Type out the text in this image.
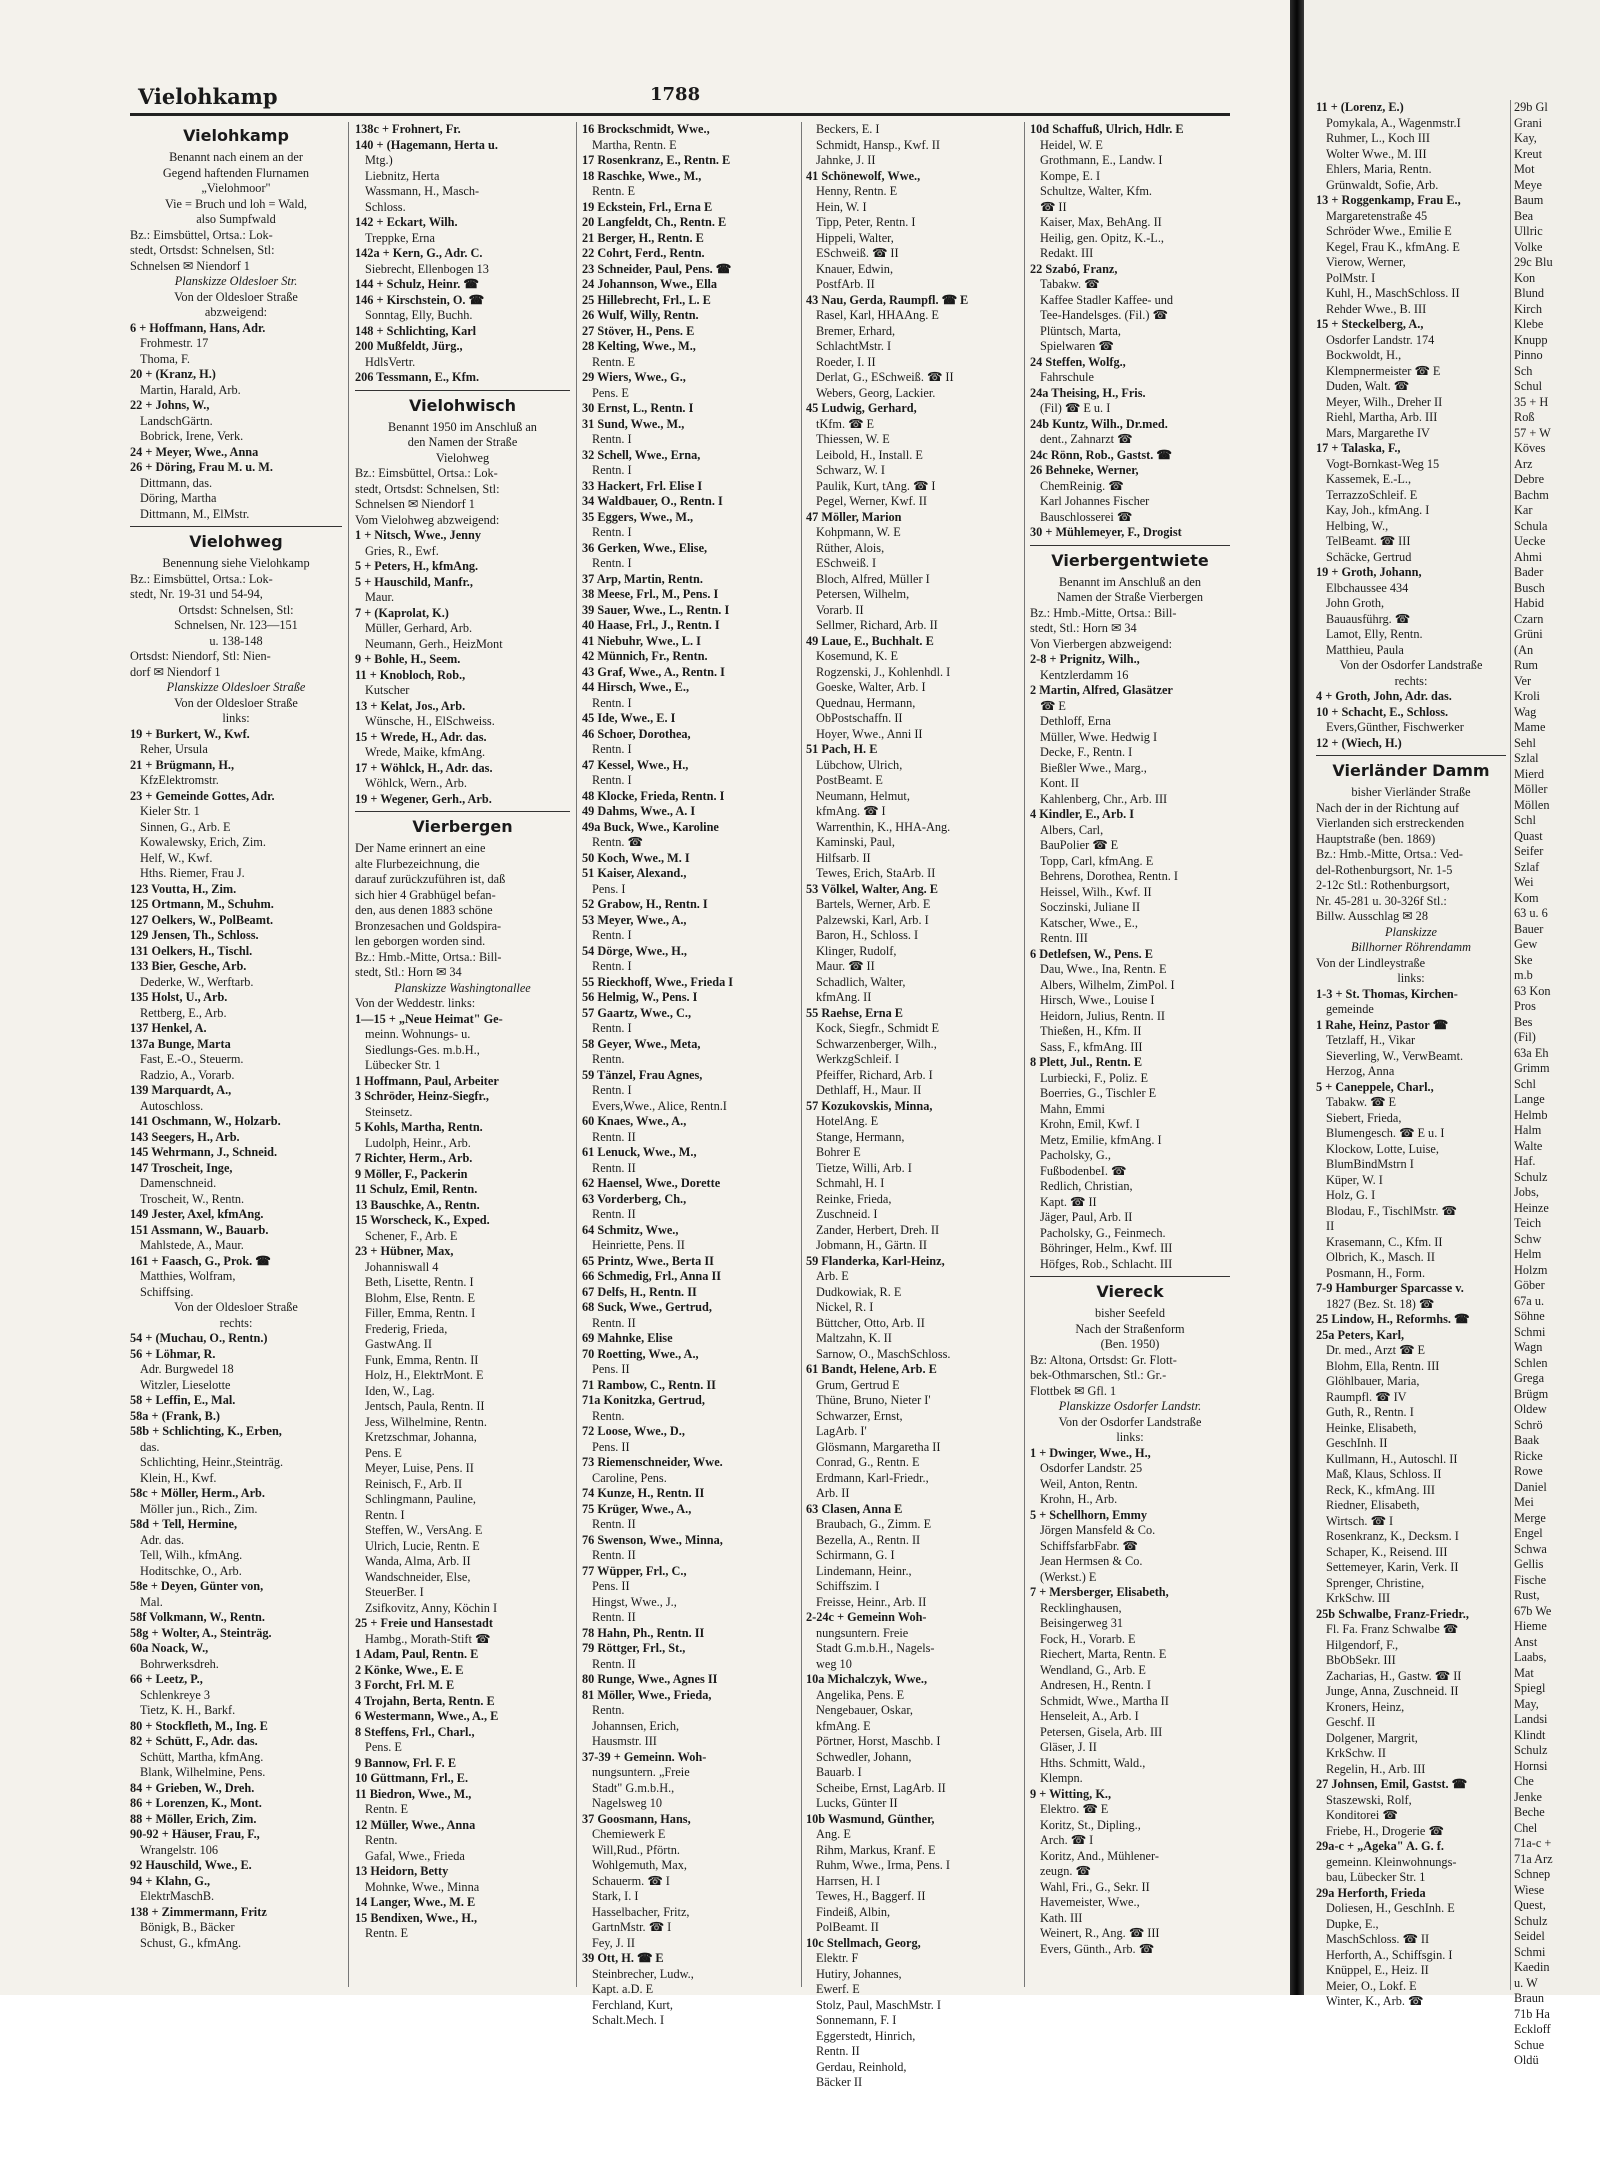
Vielohkamp	1788
Vielohkamp
Benannt nach einem an der
Gegend haftenden Flurnamen
„Vielohmoor"
Vie = Bruch und loh = Wald,
also Sumpfwald
Bz.: Eimsbüttel, Ortsa.: Lok-
stedt, Ortsdst: Schnelsen, Stl:
Schnelsen ✉ Niendorf 1
Planskizze Oldesloer Str.
Von der Oldesloer Straße
abzweigend:
6 + Hoffmann, Hans, Adr.
Frohmestr. 17
Thoma, F.
20 + (Kranz, H.)
Martin, Harald, Arb.
22 + Johns, W.,
LandschGärtn.
Bobrick, Irene, Verk.
24 + Meyer, Wwe., Anna
26 + Döring, Frau M. u. M.
Dittmann, das.
Döring, Martha
Dittmann, M., ElMstr.
Vielohweg
Benennung siehe Vielohkamp
Bz.: Eimsbüttel, Ortsa.: Lok-
stedt, Nr. 19-31 und 54-94,
Ortsdst: Schnelsen, Stl:
Schnelsen, Nr. 123—151
u. 138-148
Ortsdst: Niendorf, Stl: Nien-
dorf ✉ Niendorf 1
Planskizze Oldesloer Straße
Von der Oldesloer Straße
links:
19 + Burkert, W., Kwf.
Reher, Ursula
21 + Brügmann, H.,
KfzElektromstr.
23 + Gemeinde Gottes, Adr.
Kieler Str. 1
Sinnen, G., Arb. E
Kowalewsky, Erich, Zim.
Helf, W., Kwf.
Hths. Riemer, Frau J.
123 Voutta, H., Zim.
125 Ortmann, M., Schuhm.
127 Oelkers, W., PolBeamt.
129 Jensen, Th., Schloss.
131 Oelkers, H., Tischl.
133 Bier, Gesche, Arb.
Dederke, W., Werftarb.
135 Holst, U., Arb.
Rettberg, E., Arb.
137 Henkel, A.
137a Bunge, Marta
Fast, E.-O., Steuerm.
Radzio, A., Vorarb.
139 Marquardt, A.,
Autoschloss.
141 Oschmann, W., Holzarb.
143 Seegers, H., Arb.
145 Wehrmann, J., Schneid.
147 Troscheit, Inge,
Damenschneid.
Troscheit, W., Rentn.
149 Jester, Axel, kfmAng.
151 Assmann, W., Bauarb.
Mahlstede, A., Maur.
161 + Faasch, G., Prok. ☎
Matthies, Wolfram,
Schiffsing.
Von der Oldesloer Straße
rechts:
54 + (Muchau, O., Rentn.)
56 + Löhmar, R.
Adr. Burgwedel 18
Witzler, Lieselotte
58 + Leffin, E., Mal.
58a + (Frank, B.)
58b + Schlichting, K., Erben,
das.
Schlichting, Heinr.,Steinträg.
Klein, H., Kwf.
58c + Möller, Herm., Arb.
Möller jun., Rich., Zim.
58d + Tell, Hermine,
Adr. das.
Tell, Wilh., kfmAng.
Hoditschke, O., Arb.
58e + Deyen, Günter von,
Mal.
58f Volkmann, W., Rentn.
58g + Wolter, A., Steinträg.
60a Noack, W.,
Bohrwerksdreh.
66 + Leetz, P.,
Schlenkreye 3
Tietz, K. H., Barkf.
80 + Stockfleth, M., Ing. E
82 + Schütt, F., Adr. das.
Schütt, Martha, kfmAng.
Blank, Wilhelmine, Pens.
84 + Grieben, W., Dreh.
86 + Lorenzen, K., Mont.
88 + Möller, Erich, Zim.
90-92 + Häuser, Frau, F.,
Wrangelstr. 106
92 Hauschild, Wwe., E.
94 + Klahn, G.,
ElektrMaschB.
138 + Zimmermann, Fritz
Bönigk, B., Bäcker
Schust, G., kfmAng.
138c + Frohnert, Fr.
140 + (Hagemann, Herta u.
Mtg.)
Liebnitz, Herta
Wassmann, H., Masch-
Schloss.
142 + Eckart, Wilh.
Treppke, Erna
142a + Kern, G., Adr. C.
Siebrecht, Ellenbogen 13
144 + Schulz, Heinr. ☎
146 + Kirschstein, O. ☎
Sonntag, Elly, Buchh.
148 + Schlichting, Karl
200 Mußfeldt, Jürg.,
HdlsVertr.
206 Tessmann, E., Kfm.
Vielohwisch
Benannt 1950 im Anschluß an
den Namen der Straße
Vielohweg
Bz.: Eimsbüttel, Ortsa.: Lok-
stedt, Ortsdst: Schnelsen, Stl:
Schnelsen ✉ Niendorf 1
Vom Vielohweg abzweigend:
1 + Nitsch, Wwe., Jenny
Gries, R., Ewf.
5 + Peters, H., kfmAng.
5 + Hauschild, Manfr.,
Maur.
7 + (Kaprolat, K.)
Müller, Gerhard, Arb.
Neumann, Gerh., HeizMont
9 + Bohle, H., Seem.
11 + Knobloch, Rob.,
Kutscher
13 + Kelat, Jos., Arb.
Wünsche, H., ElSchweiss.
15 + Wrede, H., Adr. das.
Wrede, Maike, kfmAng.
17 + Wöhlck, H., Adr. das.
Wöhlck, Wern., Arb.
19 + Wegener, Gerh., Arb.
Vierbergen
Der Name erinnert an eine
alte Flurbezeichnung, die
darauf zurückzuführen ist, daß
sich hier 4 Grabhügel befan-
den, aus denen 1883 schöne
Bronzesachen und Goldspira-
len geborgen worden sind.
Bz.: Hmb.-Mitte, Ortsa.: Bill-
stedt, Stl.: Horn ✉ 34
Planskizze Washingtonallee
Von der Weddestr. links:
1—15 + „Neue Heimat" Ge-
meinn. Wohnungs- u.
Siedlungs-Ges. m.b.H.,
Lübecker Str. 1
1 Hoffmann, Paul, Arbeiter
3 Schröder, Heinz-Siegfr.,
Steinsetz.
5 Kohls, Martha, Rentn.
Ludolph, Heinr., Arb.
7 Richter, Herm., Arb.
9 Möller, F., Packerin
11 Schulz, Emil, Rentn.
13 Bauschke, A., Rentn.
15 Worscheck, K., Exped.
Schener, F., Arb. E
23 + Hübner, Max,
Johanniswall 4
Beth, Lisette, Rentn. I
Blohm, Else, Rentn. E
Filler, Emma, Rentn. I
Frederig, Frieda,
GastwAng. II
Funk, Emma, Rentn. II
Holz, H., ElektrMont. E
Iden, W., Lag.
Jentsch, Paula, Rentn. II
Jess, Wilhelmine, Rentn.
Kretzschmar, Johanna,
Pens. E
Meyer, Luise, Pens. II
Reinisch, F., Arb. II
Schlingmann, Pauline,
Rentn. I
Steffen, W., VersAng. E
Ulrich, Lucie, Rentn. E
Wanda, Alma, Arb. II
Wandschneider, Else,
SteuerBer. I
Zsifkovitz, Anny, Köchin I
25 + Freie und Hansestadt
Hambg., Morath-Stift ☎
1 Adam, Paul, Rentn. E
2 Könke, Wwe., E. E
3 Forcht, Frl. M. E
4 Trojahn, Berta, Rentn. E
6 Westermann, Wwe., A., E
8 Steffens, Frl., Charl.,
Pens. E
9 Bannow, Frl. F. E
10 Güttmann, Frl., E.
11 Biedron, Wwe., M.,
Rentn. E
12 Müller, Wwe., Anna
Rentn.
Gafal, Wwe., Frieda
13 Heidorn, Betty
Mohnke, Wwe., Minna
14 Langer, Wwe., M. E
15 Bendixen, Wwe., H.,
Rentn. E
16 Brockschmidt, Wwe.,
Martha, Rentn. E
17 Rosenkranz, E., Rentn. E
18 Raschke, Wwe., M.,
Rentn. E
19 Eckstein, Frl., Erna E
20 Langfeldt, Ch., Rentn. E
21 Berger, H., Rentn. E
22 Cohrt, Ferd., Rentn.
23 Schneider, Paul, Pens. ☎
24 Johannson, Wwe., Ella
25 Hillebrecht, Frl., L. E
26 Wulf, Willy, Rentn.
27 Stöver, H., Pens. E
28 Kelting, Wwe., M.,
Rentn. E
29 Wiers, Wwe., G.,
Pens. E
30 Ernst, L., Rentn. I
31 Sund, Wwe., M.,
Rentn. I
32 Schell, Wwe., Erna,
Rentn. I
33 Hackert, Frl. Elise I
34 Waldbauer, O., Rentn. I
35 Eggers, Wwe., M.,
Rentn. I
36 Gerken, Wwe., Elise,
Rentn. I
37 Arp, Martin, Rentn.
38 Meese, Frl., M., Pens. I
39 Sauer, Wwe., L., Rentn. I
40 Haase, Frl., J., Rentn. I
41 Niebuhr, Wwe., L. I
42 Münnich, Fr., Rentn.
43 Graf, Wwe., A., Rentn. I
44 Hirsch, Wwe., E.,
Rentn. I
45 Ide, Wwe., E. I
46 Schoer, Dorothea,
Rentn. I
47 Kessel, Wwe., H.,
Rentn. I
48 Klocke, Frieda, Rentn. I
49 Dahms, Wwe., A. I
49a Buck, Wwe., Karoline
Rentn. ☎
50 Koch, Wwe., M. I
51 Kaiser, Alexand.,
Pens. I
52 Grabow, H., Rentn. I
53 Meyer, Wwe., A.,
Rentn. I
54 Dörge, Wwe., H.,
Rentn. I
55 Rieckhoff, Wwe., Frieda I
56 Helmig, W., Pens. I
57 Gaartz, Wwe., C.,
Rentn. I
58 Geyer, Wwe., Meta,
Rentn.
59 Tänzel, Frau Agnes,
Rentn. I
Evers,Wwe., Alice, Rentn.I
60 Knaes, Wwe., A.,
Rentn. II
61 Lenuck, Wwe., M.,
Rentn. II
62 Haensel, Wwe., Dorette
63 Vorderberg, Ch.,
Rentn. II
64 Schmitz, Wwe.,
Heinriette, Pens. II
65 Printz, Wwe., Berta II
66 Schmedig, Frl., Anna II
67 Delfs, H., Rentn. II
68 Suck, Wwe., Gertrud,
Rentn. II
69 Mahnke, Elise
70 Roetting, Wwe., A.,
Pens. II
71 Rambow, C., Rentn. II
71a Konitzka, Gertrud,
Rentn.
72 Loose, Wwe., D.,
Pens. II
73 Riemenschneider, Wwe.
Caroline, Pens.
74 Kunze, H., Rentn. II
75 Krüger, Wwe., A.,
Rentn. II
76 Swenson, Wwe., Minna,
Rentn. II
77 Wüpper, Frl., C.,
Pens. II
Hingst, Wwe., J.,
Rentn. II
78 Hahn, Ph., Rentn. II
79 Röttger, Frl., St.,
Rentn. II
80 Runge, Wwe., Agnes II
81 Möller, Wwe., Frieda,
Rentn.
Johannsen, Erich,
Hausmstr. III
37-39 + Gemeinn. Woh-
nungsuntern. „Freie
Stadt" G.m.b.H.,
Nagelsweg 10
37 Goosmann, Hans,
Chemiewerk E
Will,Rud., Pförtn.
Wohlgemuth, Max,
Schauerm. ☎ I
Stark, I. I
Hasselbacher, Fritz,
GartnMstr. ☎ I
Fey, J. II
39 Ott, H. ☎ E
Steinbrecher, Ludw.,
Kapt. a.D. E
Ferchland, Kurt,
Schalt.Mech. I
Beckers, E. I
Schmidt, Hansp., Kwf. II
Jahnke, J. II
41 Schönewolf, Wwe.,
Henny, Rentn. E
Hein, W. I
Tipp, Peter, Rentn. I
Hippeli, Walter,
ESchweiß. ☎ II
Knauer, Edwin,
PostfArb. II
43 Nau, Gerda, Raumpfl. ☎ E
Rasel, Karl, HHAAng. E
Bremer, Erhard,
SchlachtMstr. I
Roeder, I. II
Derlat, G., ESchweiß. ☎ II
Webers, Georg, Lackier.
45 Ludwig, Gerhard,
tKfm. ☎ E
Thiessen, W. E
Leibold, H., Install. E
Schwarz, W. I
Paulik, Kurt, tAng. ☎ I
Pegel, Werner, Kwf. II
47 Möller, Marion
Kohpmann, W. E
Rüther, Alois,
ESchweiß. I
Bloch, Alfred, Müller I
Petersen, Wilhelm,
Vorarb. II
Sellmer, Richard, Arb. II
49 Laue, E., Buchhalt. E
Kosemund, K. E
Rogzenski, J., Kohlenhdl. I
Goeske, Walter, Arb. I
Quednau, Hermann,
ObPostschaffn. II
Hoyer, Wwe., Anni II
51 Pach, H. E
Lübchow, Ulrich,
PostBeamt. E
Neumann, Helmut,
kfmAng. ☎ I
Warrenthin, K., HHA-Ang.
Kaminski, Paul,
Hilfsarb. II
Tewes, Erich, StaArb. II
53 Völkel, Walter, Ang. E
Bartels, Werner, Arb. E
Palzewski, Karl, Arb. I
Baron, H., Schloss. I
Klinger, Rudolf,
Maur. ☎ II
Schadlich, Walter,
kfmAng. II
55 Raehse, Erna E
Kock, Siegfr., Schmidt E
Schwarzenberger, Wilh.,
WerkzgSchleif. I
Pfeiffer, Richard, Arb. I
Dethlaff, H., Maur. II
57 Kozukovskis, Minna,
HotelAng. E
Stange, Hermann,
Bohrer E
Tietze, Willi, Arb. I
Schmahl, H. I
Reinke, Frieda,
Zuschneid. I
Zander, Herbert, Dreh. II
Jobmann, H., Gärtn. II
59 Flanderka, Karl-Heinz,
Arb. E
Dudkowiak, R. E
Nickel, R. I
Büttcher, Otto, Arb. II
Maltzahn, K. II
Sarnow, O., MaschSchloss.
61 Bandt, Helene, Arb. E
Grum, Gertrud E
Thüne, Bruno, Nieter I'
Schwarzer, Ernst,
LagArb. I'
Glösmann, Margaretha II
Conrad, G., Rentn. E
Erdmann, Karl-Friedr.,
Arb. II
63 Clasen, Anna E
Braubach, G., Zimm. E
Bezella, A., Rentn. II
Schirmann, G. I
Lindemann, Heinr.,
Schiffszim. I
Freisse, Heinr., Arb. II
2-24c + Gemeinn Woh-
nungsuntern. Freie
Stadt G.m.b.H., Nagels-
weg 10
10a Michalczyk, Wwe.,
Angelika, Pens. E
Nengebauer, Oskar,
kfmAng. E
Pörtner, Horst, Maschb. I
Schwedler, Johann,
Bauarb. I
Scheibe, Ernst, LagArb. II
Lucks, Günter II
10b Wasmund, Günther,
Ang. E
Rihm, Markus, Kranf. E
Ruhm, Wwe., Irma, Pens. I
Harrsen, H. I
Tewes, H., Baggerf. II
Findeiß, Albin,
PolBeamt. II
10c Stellmach, Georg,
Elektr. F
Hutiry, Johannes,
Ewerf. E
Stolz, Paul, MaschMstr. I
Sonnemann, F. I
Eggerstedt, Hinrich,
Rentn. II
Gerdau, Reinhold,
Bäcker II
10d Schaffuß, Ulrich, Hdlr. E
Heidel, W. E
Grothmann, E., Landw. I
Kompe, E. I
Schultze, Walter, Kfm.
☎ II
Kaiser, Max, BehAng. II
Heilig, gen. Opitz, K.-L.,
Redakt. III
22 Szabó, Franz,
Tabakw. ☎
Kaffee Stadler Kaffee- und
Tee-Handelsges. (Fil.) ☎
Plüntsch, Marta,
Spielwaren ☎
24 Steffen, Wolfg.,
Fahrschule
24a Theising, H., Fris.
(Fil) ☎ E u. I
24b Kuntz, Wilh., Dr.med.
dent., Zahnarzt ☎
24c Rönn, Rob., Gastst. ☎
26 Behneke, Werner,
ChemReinig. ☎
Karl Johannes Fischer
Bauschlosserei ☎
30 + Mühlemeyer, F., Drogist
Vierbergentwiete
Benannt im Anschluß an den
Namen der Straße Vierbergen
Bz.: Hmb.-Mitte, Ortsa.: Bill-
stedt, Stl.: Horn ✉ 34
Von Vierbergen abzweigend:
2-8 + Prignitz, Wilh.,
Kentzlerdamm 16
2 Martin, Alfred, Glasätzer
☎ E
Dethloff, Erna
Müller, Wwe. Hedwig I
Decke, F., Rentn. I
Bießler Wwe., Marg.,
Kont. II
Kahlenberg, Chr., Arb. III
4 Kindler, E., Arb. I
Albers, Carl,
BauPolier ☎ E
Topp, Carl, kfmAng. E
Behrens, Dorothea, Rentn. I
Heissel, Wilh., Kwf. II
Soczinski, Juliane II
Katscher, Wwe., E.,
Rentn. III
6 Detlefsen, W., Pens. E
Dau, Wwe., Ina, Rentn. E
Albers, Wilhelm, ZimPol. I
Hirsch, Wwe., Louise I
Heidorn, Julius, Rentn. II
Thießen, H., Kfm. II
Sass, F., kfmAng. III
8 Plett, Jul., Rentn. E
Lurbiecki, F., Poliz. E
Boerries, G., Tischler E
Mahn, Emmi
Krohn, Emil, Kwf. I
Metz, Emilie, kfmAng. I
Pacholsky, G.,
FußbodenbeI. ☎
Redlich, Christian,
Kapt. ☎ II
Jäger, Paul, Arb. II
Pacholsky, G., Feinmech.
Böhringer, Helm., Kwf. III
Höfges, Rob., Schlacht. III
Viereck
bisher Seefeld
Nach der Straßenform
(Ben. 1950)
Bz: Altona, Ortsdst: Gr. Flott-
bek-Othmarschen, Stl.: Gr.-
Flottbek ✉ Gfl. 1
Planskizze Osdorfer Landstr.
Von der Osdorfer Landstraße
links:
1 + Dwinger, Wwe., H.,
Osdorfer Landstr. 25
Weil, Anton, Rentn.
Krohn, H., Arb.
5 + Schellhorn, Emmy
Jörgen Mansfeld & Co.
SchiffsfarbFabr. ☎
Jean Hermsen & Co.
(Werkst.) E
7 + Mersberger, Elisabeth,
Recklinghausen,
Beisingerweg 31
Fock, H., Vorarb. E
Riechert, Marta, Rentn. E
Wendland, G., Arb. E
Andresen, H., Rentn. I
Schmidt, Wwe., Martha II
Henseleit, A., Arb. I
Petersen, Gisela, Arb. III
Gläser, J. II
Hths. Schmitt, Wald.,
Klempn.
9 + Witting, K.,
Elektro. ☎ E
Koritz, St., Dipling.,
Arch. ☎ I
Koritz, And., Mühlener-
zeugn. ☎
Wahl, Fri., G., Sekr. II
Havemeister, Wwe.,
Kath. III
Weinert, R., Ang. ☎ III
Evers, Günth., Arb. ☎
11 + (Lorenz, E.)
Pomykala, A., Wagenmstr.I
Ruhmer, L., Koch III
Wolter Wwe., M. III
Ehlers, Maria, Rentn.
Grünwaldt, Sofie, Arb.
13 + Roggenkamp, Frau E.,
Margaretenstraße 45
Schröder Wwe., Emilie E
Kegel, Frau K., kfmAng. E
Vierow, Werner,
PolMstr. I
Kuhl, H., MaschSchloss. II
Rehder Wwe., B. III
15 + Steckelberg, A.,
Osdorfer Landstr. 174
Bockwoldt, H.,
Klempnermeister ☎ E
Duden, Walt. ☎
Meyer, Wilh., Dreher II
Riehl, Martha, Arb. III
Mars, Margarethe IV
17 + Talaska, F.,
Vogt-Bornkast-Weg 15
Kassemek, E.-L.,
TerrazzoSchleif. E
Kay, Joh., kfmAng. I
Helbing, W.,
TelBeamt. ☎ III
Schäcke, Gertrud
19 + Groth, Johann,
Elbchaussee 434
John Groth,
Bauausführg. ☎
Lamot, Elly, Rentn.
Matthieu, Paula
Von der Osdorfer Landstraße
rechts:
4 + Groth, John, Adr. das.
10 + Schacht, E., Schloss.
Evers,Günther, Fischwerker
12 + (Wiech, H.)
Vierländer Damm
bisher Vierländer Straße
Nach der in der Richtung auf
Vierlanden sich erstreckenden
Hauptstraße (ben. 1869)
Bz.: Hmb.-Mitte, Ortsa.: Ved-
del-Rothenburgsort, Nr. 1-5
2-12c Stl.: Rothenburgsort,
Nr. 45-281 u. 30-326f Stl.:
Billw. Ausschlag ✉ 28
Planskizze
Billhorner Röhrendamm
Von der Lindleystraße
links:
1-3 + St. Thomas, Kirchen-
gemeinde
1 Rahe, Heinz, Pastor ☎
Tetzlaff, H., Vikar
Sieverling, W., VerwBeamt.
Herzog, Anna
5 + Caneppele, Charl.,
Tabakw. ☎ E
Siebert, Frieda,
Blumengesch. ☎ E u. I
Klockow, Lotte, Luise,
BlumBindMstrn I
Küper, W. I
Holz, G. I
Blodau, F., TischlMstr. ☎
II
Krasemann, C., Kfm. II
Olbrich, K., Masch. II
Posmann, H., Form.
7-9 Hamburger Sparcasse v.
1827 (Bez. St. 18) ☎
25 Lindow, H., Reformhs. ☎
25a Peters, Karl,
Dr. med., Arzt ☎ E
Blohm, Ella, Rentn. III
Glöhlbauer, Maria,
Raumpfl. ☎ IV
Guth, R., Rentn. I
Heinke, Elisabeth,
GeschInh. II
Kullmann, H., Autoschl. II
Maß, Klaus, Schloss. II
Reck, K., kfmAng. III
Riedner, Elisabeth,
Wirtsch. ☎ I
Rosenkranz, K., Decksm. I
Schaper, K., Reisend. III
Settemeyer, Karin, Verk. II
Sprenger, Christine,
KrkSchw. III
25b Schwalbe, Franz-Friedr.,
Fl. Fa. Franz Schwalbe ☎
Hilgendorf, F.,
BbObSekr. III
Zacharias, H., Gastw. ☎ II
Junge, Anna, Zuschneid. II
Kroners, Heinz,
Geschf. II
Dolgener, Margrit,
KrkSchw. II
Regelin, H., Arb. III
27 Johnsen, Emil, Gastst. ☎
Staszewski, Rolf,
Konditorei ☎
Friebe, H., Drogerie ☎
29a-c + „Ageka" A. G. f.
gemeinn. Kleinwohnungs-
bau, Lübecker Str. 1
29a Herforth, Frieda
Doliesen, H., GeschInh. E
Dupke, E.,
MaschSchloss. ☎ II
Herforth, A., Schiffsgin. I
Knüppel, E., Heiz. II
Meier, O., Lokf. E
Winter, K., Arb. ☎
29b Gl
Grani
Kay,
Kreut
Mot
Meye
Baum
Bea
Ullric
Volke
29c Blu
Kon
Blund
Kirch
Klebe
Knupp
Pinno
Sch
Schul
35 + H
Roß
57 + W
Köves
Arz
Debre
Bachm
Kar
Schula
Uecke
Ahmi
Bader
Busch
Habid
Czarn
Grüni
(An
Rum
Ver
Kroli
Wag
Mame
Sehl
Szlal
Mierd
Möller
Möllen
Schl
Quast
Seifer
Szlaf
Wei
Kom
63 u. 6
Bauer
Gew
Ske
m.b
63 Kon
Pros
Bes
(Fil)
63a Eh
Grimm
Schl
Lange
Helmb
Halm
Walte
Haf.
Schulz
Jobs,
Heinze
Teich
Schw
Helm
Holzm
Göber
67a u.
Söhne
Schmi
Wagn
Schlen
Grega
Brügm
Oldew
Schrö
Baak
Ricke
Rowe
Daniel
Mei
Merge
Engel
Schwa
Gellis
Fische
Rust,
67b We
Hieme
Anst
Laabs,
Mat
Spiegl
May,
Landsi
Klindt
Schulz
Hornsi
Che
Jenke
Beche
Chel
71a-c +
71a Arz
Schnep
Wiese
Quest,
Schulz
Seidel
Schmi
Kaedin
u. W
Braun
71b Ha
Eckloff
Schue
Oldü
